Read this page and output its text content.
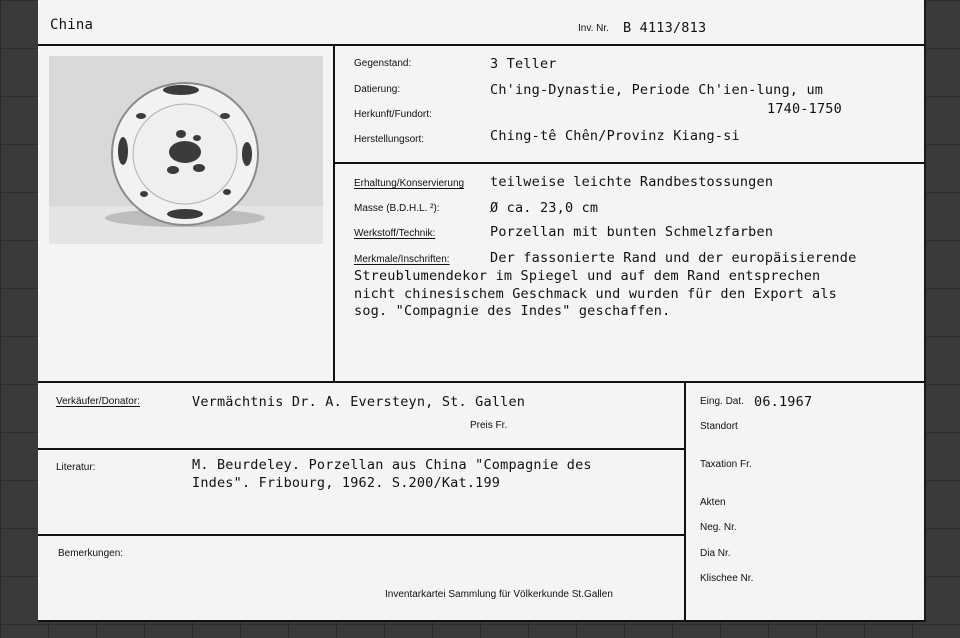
China	Inv. Nr. B 4113/813
Gegenstand:	3 Teller
Datierung:	Ch'ing-Dynastie, Periode Ch'ien-lung, um
1740-1750
Herkunft/Fundort:
Herstellungsort:	Ching-tê Chên/Provinz Kiang-si
Erhaltung/Konservierung teilweise leichte Randbestossungen
Masse (B.D.H.L. ²):	Ø ca. 23,0 cm
Werkstoff/Technik:	Porzellan mit bunten Schmelzfarben
Merkmale/Inschriften:	Der fassonierte Rand und der europäisierende
Streublumendekor im Spiegel und auf dem Rand entsprechen
nicht chinesischem Geschmack und wurden für den Export als
sog. "Compagnie des Indes" geschaffen.
Verkäufer/Donator:	Vermächtnis Dr. A. Eversteyn, St. Gallen
Preis Fr.
Literatur:	M. Beurdeley. Porzellan aus China "Compagnie des
Indes". Fribourg, 1962. S.200/Kat.199
Bemerkungen:
Inventarkartei Sammlung für Völkerkunde St.Gallen
Eing. Dat. 06.1967
Standort
Taxation Fr.
Akten
Neg. Nr.
Dia Nr.
Klischee Nr.
